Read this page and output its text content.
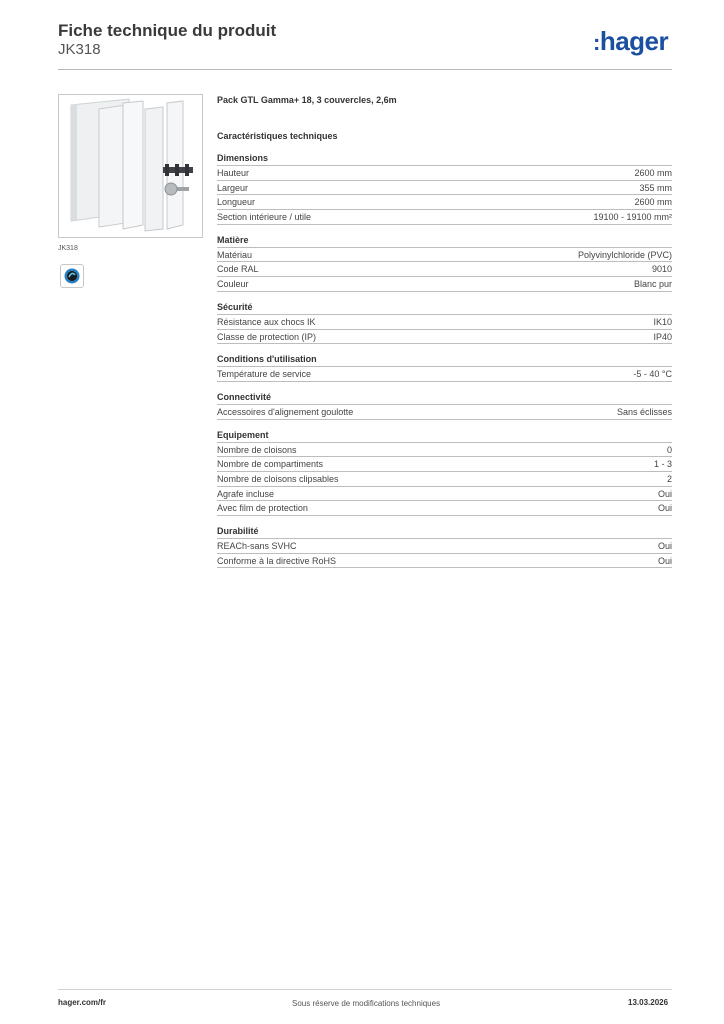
Fiche technique du produit
JK318	:hager
JK318
Pack GTL Gamma+ 18, 3 couvercles, 2,6m
Caractéristiques techniques
Dimensions
Hauteur	2600 mm
Largeur	355 mm
Longueur	2600 mm
Section intérieure / utile	19100 - 19100 mm²
Matière
Matériau	Polyvinylchloride (PVC)
Code RAL	9010
Couleur	Blanc pur
Sécurité
Résistance aux chocs IK	IK10
Classe de protection (IP)	IP40
Conditions d'utilisation
Température de service	-5 - 40 °C
Connectivité
Accessoires d'alignement goulotte	Sans éclisses
Equipement
Nombre de cloisons	0
Nombre de compartiments	1 - 3
Nombre de cloisons clipsables	2
Agrafe incluse	Oui
Avec film de protection	Oui
Durabilité
REACh-sans SVHC	Oui
Conforme à la directive RoHS	Oui
hager.com/fr	Sous réserve de modifications techniques	13.03.2026
